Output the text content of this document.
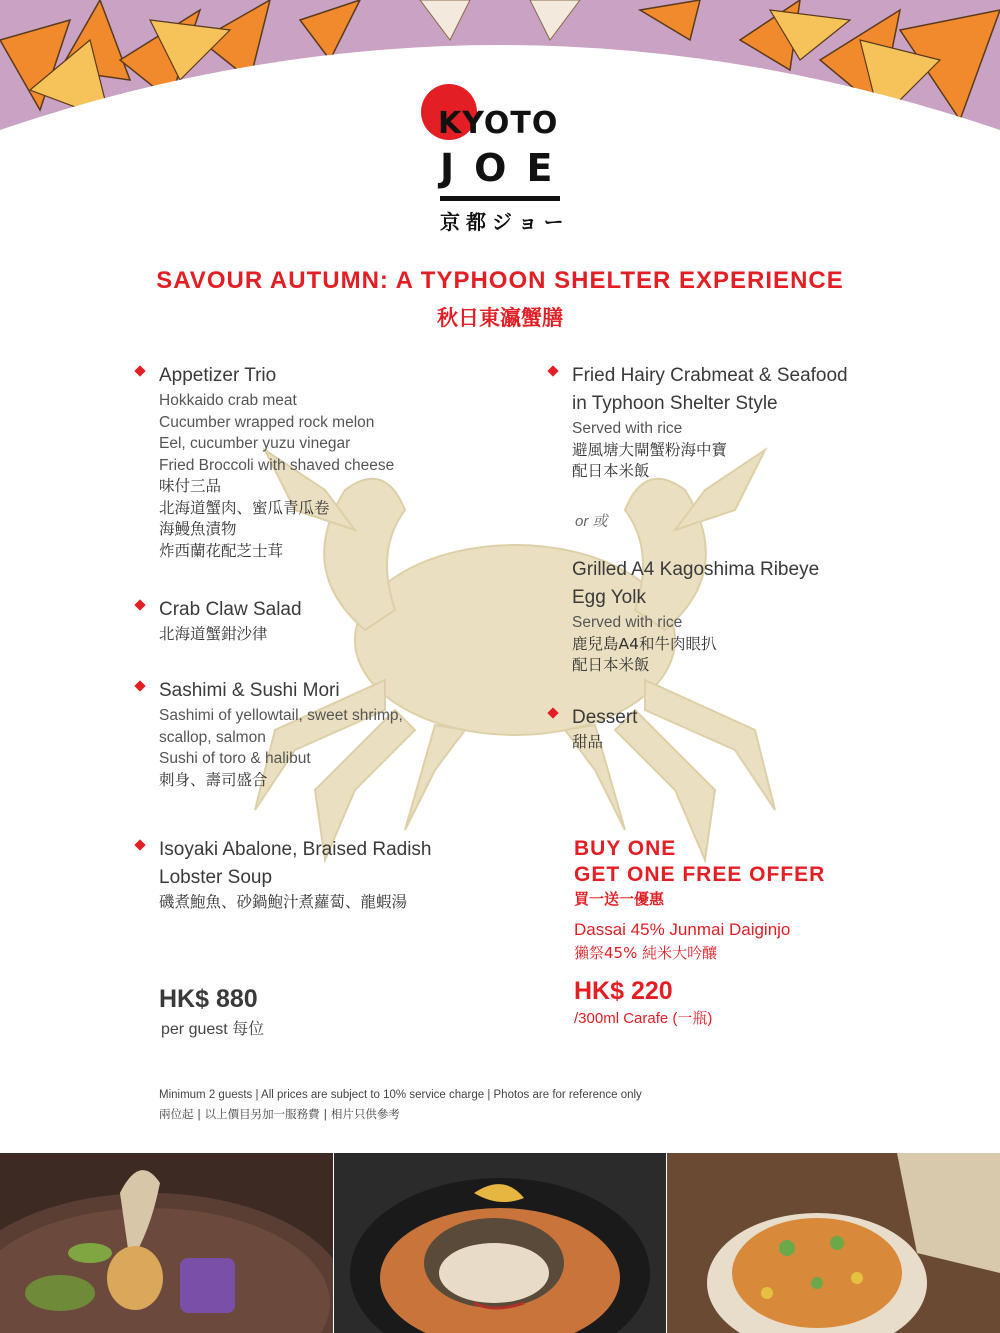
KYOTO
JOE
京都ジョー
SAVOUR AUTUMN: A TYPHOON SHELTER EXPERIENCE
秋日東瀛蟹膳
Appetizer Trio
Hokkaido crab meat
Cucumber wrapped rock melon
Eel, cucumber yuzu vinegar
Fried Broccoli with shaved cheese
味付三品
北海道蟹肉、蜜瓜青瓜卷
海鰻魚漬物
炸西蘭花配芝士茸
Crab Claw Salad
北海道蟹鉗沙律
Sashimi & Sushi Mori
Sashimi of yellowtail, sweet shrimp,
scallop, salmon
Sushi of toro & halibut
刺身、壽司盛合
Isoyaki Abalone, Braised Radish
Lobster Soup
磯煮鮑魚、砂鍋鮑汁煮蘿蔔、龍蝦湯
Fried Hairy Crabmeat & Seafood
in Typhoon Shelter Style
Served with rice
避風塘大閘蟹粉海中寶
配日本米飯
or 或
Grilled A4 Kagoshima Ribeye
Egg Yolk
Served with rice
鹿兒島A4和牛肉眼扒
配日本米飯
Dessert
甜品
HK$ 880
per guest 每位
BUY ONE
GET ONE FREE OFFER
買一送一優惠
Dassai 45% Junmai Daiginjo
獺祭45% 純米大吟釀
HK$ 220
/300ml Carafe (一瓶)
Minimum 2 guests | All prices are subject to 10% service charge | Photos are for reference only
兩位起 | 以上價目另加一服務費 | 相片只供參考
